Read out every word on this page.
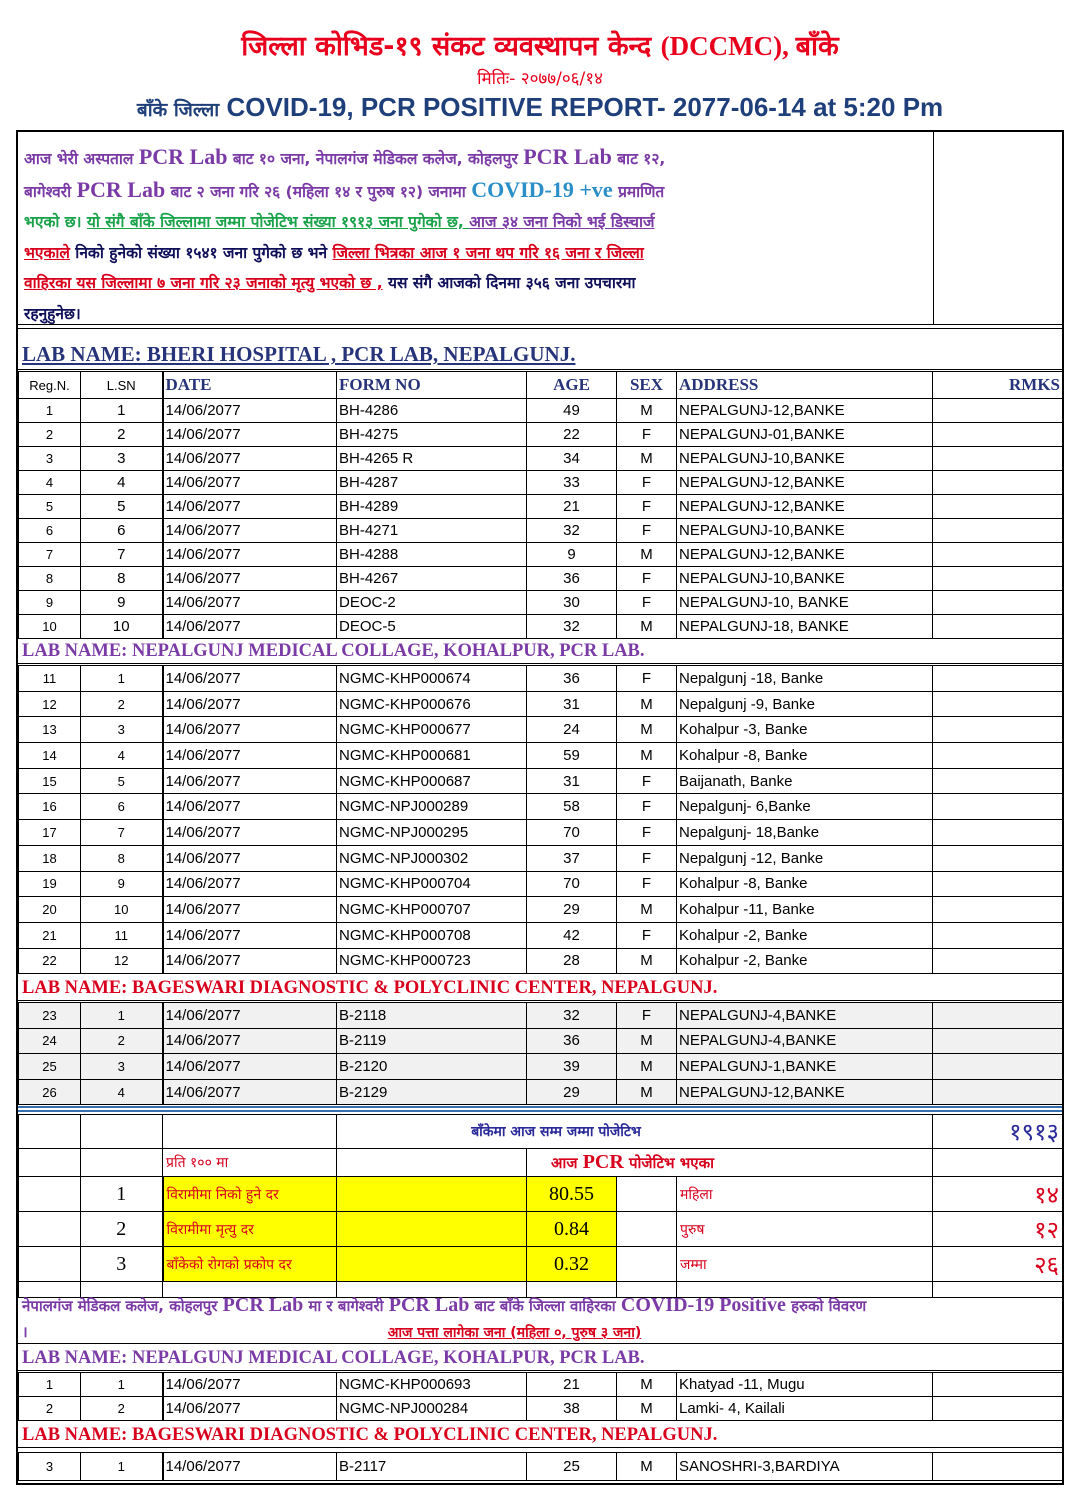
जिल्ला कोभिड-१९ संकट व्यवस्थापन केन्द (DCCMC), बाँके
मितिः- २०७७/०६/१४
बाँके जिल्ला COVID-19, PCR POSITIVE REPORT- 2077-06-14 at 5:20 Pm
आज भेरी अस्पताल PCR Lab बाट १० जना, नेपालगंज मेडिकल कलेज, कोहलपुर PCR Lab बाट १२,
बागेश्वरी PCR Lab बाट २ जना गरि २६ (महिला १४ र पुरुष १२) जनामा COVID-19 +ve प्रमाणित
भएको छ। यो संगै बाँके जिल्लामा जम्मा पोजेटिभ संख्या १९१३ जना पुगेको छ, आज ३४ जना निको भई डिस्चार्ज
भएकाले निको हुनेको संख्या १५४१ जना पुगेको छ भने जिल्ला भित्रका आज १ जना थप गरि १६ जना र जिल्ला
वाहिरका यस जिल्लामा ७ जना गरि २३ जनाको मृत्यु भएको छ , यस संगै आजको दिनमा ३५६ जना उपचारमा
रहनुहुनेछ।
LAB NAME: BHERI HOSPITAL , PCR LAB, NEPALGUNJ.
Reg.N.	L.SN	DATE	FORM NO	AGE	SEX	ADDRESS	RMKS
1	1	14/06/2077	BH-4286	49	M	NEPALGUNJ-12,BANKE	
2	2	14/06/2077	BH-4275	22	F	NEPALGUNJ-01,BANKE	
3	3	14/06/2077	BH-4265 R	34	M	NEPALGUNJ-10,BANKE	
4	4	14/06/2077	BH-4287	33	F	NEPALGUNJ-12,BANKE	
5	5	14/06/2077	BH-4289	21	F	NEPALGUNJ-12,BANKE	
6	6	14/06/2077	BH-4271	32	F	NEPALGUNJ-10,BANKE	
7	7	14/06/2077	BH-4288	9	M	NEPALGUNJ-12,BANKE	
8	8	14/06/2077	BH-4267	36	F	NEPALGUNJ-10,BANKE	
9	9	14/06/2077	DEOC-2	30	F	NEPALGUNJ-10, BANKE	
10	10	14/06/2077	DEOC-5	32	M	NEPALGUNJ-18, BANKE	
LAB NAME: NEPALGUNJ MEDICAL COLLAGE, KOHALPUR, PCR LAB.
11	1	14/06/2077	NGMC-KHP000674	36	F	Nepalgunj -18, Banke	
12	2	14/06/2077	NGMC-KHP000676	31	M	Nepalgunj -9, Banke	
13	3	14/06/2077	NGMC-KHP000677	24	M	Kohalpur -3, Banke	
14	4	14/06/2077	NGMC-KHP000681	59	M	Kohalpur -8, Banke	
15	5	14/06/2077	NGMC-KHP000687	31	F	Baijanath, Banke	
16	6	14/06/2077	NGMC-NPJ000289	58	F	Nepalgunj- 6,Banke	
17	7	14/06/2077	NGMC-NPJ000295	70	F	Nepalgunj- 18,Banke	
18	8	14/06/2077	NGMC-NPJ000302	37	F	Nepalgunj -12, Banke	
19	9	14/06/2077	NGMC-KHP000704	70	F	Kohalpur -8, Banke	
20	10	14/06/2077	NGMC-KHP000707	29	M	Kohalpur -11, Banke	
21	11	14/06/2077	NGMC-KHP000708	42	F	Kohalpur -2, Banke	
22	12	14/06/2077	NGMC-KHP000723	28	M	Kohalpur -2, Banke	
LAB NAME: BAGESWARI DIAGNOSTIC & POLYCLINIC CENTER, NEPALGUNJ.
23	1	14/06/2077	B-2118	32	F	NEPALGUNJ-4,BANKE	
24	2	14/06/2077	B-2119	36	M	NEPALGUNJ-4,BANKE	
25	3	14/06/2077	B-2120	39	M	NEPALGUNJ-1,BANKE	
26	4	14/06/2077	B-2129	29	M	NEPALGUNJ-12,BANKE	
			बाँकेमा आज सम्म जम्मा पोजेटिभ				१९१३
		प्रति १०० मा		आज PCR पोजेटिभ भएका			
	1	विरामीमा निको हुने दर		80.55		महिला	१४
	2	विरामीमा मृत्यु दर		0.84		पुरुष	१२
	3	बाँकेको रोगको प्रकोप दर		0.32		जम्मा	२६

नेपालगंज मेडिकल कलेज, कोहलपुर PCR Lab मा र बागेश्वरी PCR Lab बाट बाँके जिल्ला वाहिरका COVID-19 Positive हरुको विवरण
।	आज पत्ता लागेका जना (महिला ०, पुरुष ३ जना)
LAB NAME: NEPALGUNJ MEDICAL COLLAGE, KOHALPUR, PCR LAB.
1	1	14/06/2077	NGMC-KHP000693	21	M	Khatyad -11, Mugu	
2	2	14/06/2077	NGMC-NPJ000284	38	M	Lamki- 4, Kailali	
LAB NAME: BAGESWARI DIAGNOSTIC & POLYCLINIC CENTER, NEPALGUNJ.
3	1	14/06/2077	B-2117	25	M	SANOSHRI-3,BARDIYA	
